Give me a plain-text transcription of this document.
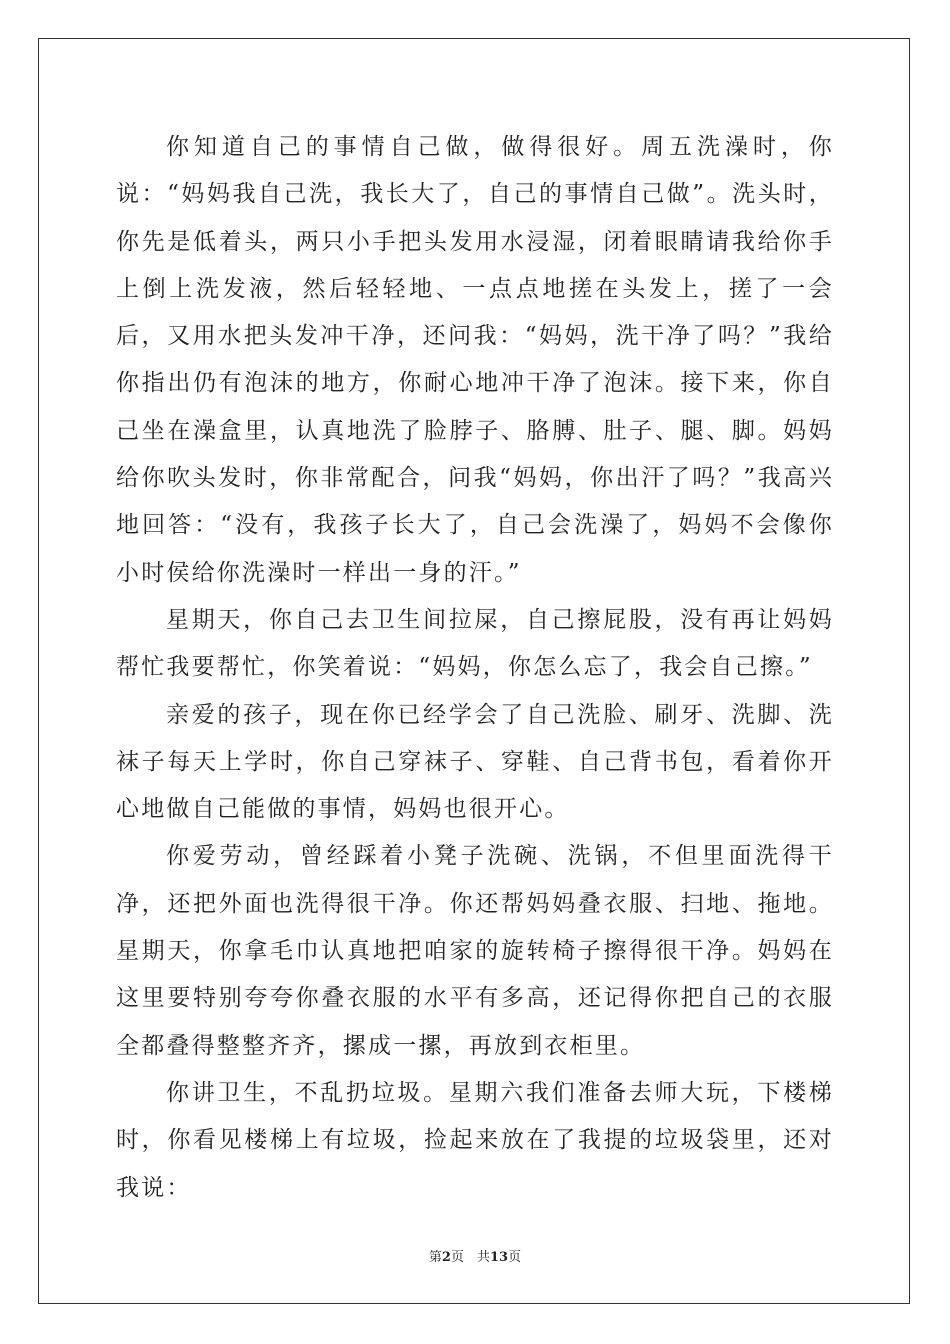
你知道自己的事情自己做，做得很好。周五洗澡时，你说：“妈妈我自己洗，我长大了，自己的事情自己做”。洗头时，你先是低着头，两只小手把头发用水浸湿，闭着眼睛请我给你手上倒上洗发液，然后轻轻地、一点点地搓在头发上，搓了一会后，又用水把头发冲干净，还问我：“妈妈，洗干净了吗？”我给你指出仍有泡沫的地方，你耐心地冲干净了泡沫。接下来，你自己坐在澡盒里，认真地洗了脸脖子、胳膊、肚子、腿、脚。妈妈给你吹头发时，你非常配合，问我“妈妈，你出汗了吗？”我高兴地回答：“没有，我孩子长大了，自己会洗澡了，妈妈不会像你小时侯给你洗澡时一样出一身的汗。”

星期天，你自己去卫生间拉屎，自己擦屁股，没有再让妈妈帮忙我要帮忙，你笑着说：“妈妈，你怎么忘了，我会自己擦。”

亲爱的孩子，现在你已经学会了自己洗脸、刷牙、洗脚、洗袜子每天上学时，你自己穿袜子、穿鞋、自己背书包，看着你开心地做自己能做的事情，妈妈也很开心。

你爱劳动，曾经踩着小凳子洗碗、洗锅，不但里面洗得干净，还把外面也洗得很干净。你还帮妈妈叠衣服、扫地、拖地。星期天，你拿毛巾认真地把咱家的旋转椅子擦得很干净。妈妈在这里要特别夸夸你叠衣服的水平有多高，还记得你把自己的衣服全都叠得整整齐齐，摞成一摞，再放到衣柜里。

你讲卫生，不乱扔垃圾。星期六我们准备去师大玩，下楼梯时，你看见楼梯上有垃圾，捡起来放在了我提的垃圾袋里，还对我说：

第2页　共13页
